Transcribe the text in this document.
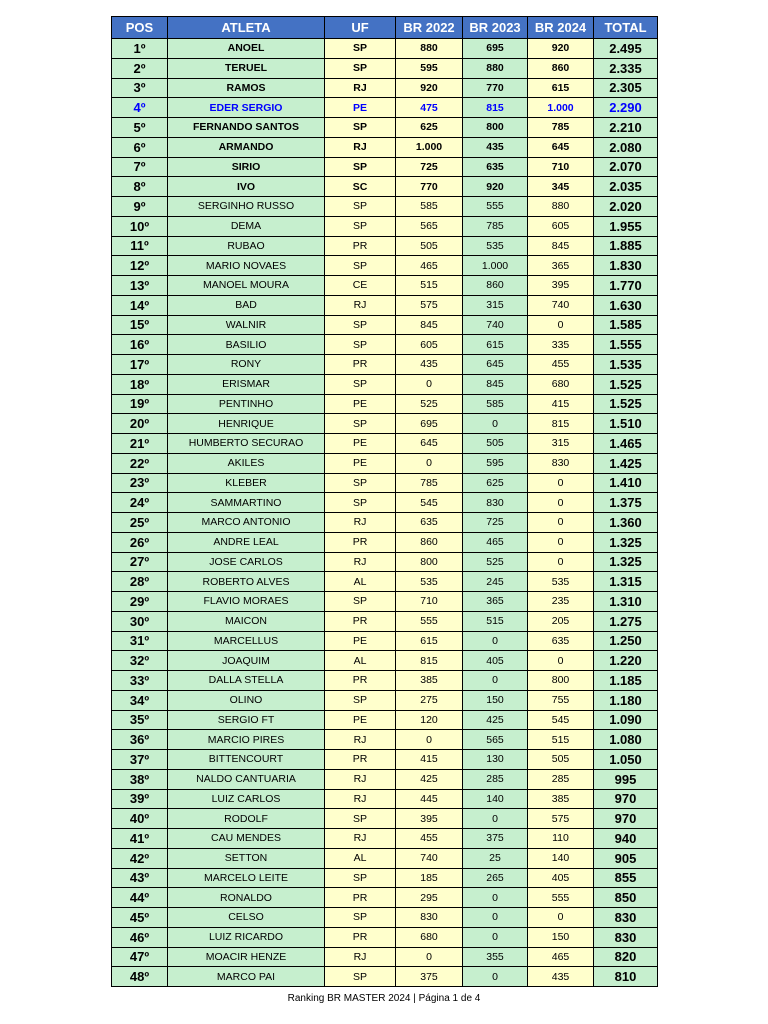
POS	ATLETA	UF	BR 2022	BR 2023	BR 2024	TOTAL
1º	ANOEL	SP	880	695	920	2.495
2º	TERUEL	SP	595	880	860	2.335
3º	RAMOS	RJ	920	770	615	2.305
4º	EDER SERGIO	PE	475	815	1.000	2.290
5º	FERNANDO SANTOS	SP	625	800	785	2.210
6º	ARMANDO	RJ	1.000	435	645	2.080
7º	SIRIO	SP	725	635	710	2.070
8º	IVO	SC	770	920	345	2.035
9º	SERGINHO RUSSO	SP	585	555	880	2.020
10º	DEMA	SP	565	785	605	1.955
11º	RUBAO	PR	505	535	845	1.885
12º	MARIO NOVAES	SP	465	1.000	365	1.830
13º	MANOEL MOURA	CE	515	860	395	1.770
14º	BAD	RJ	575	315	740	1.630
15º	WALNIR	SP	845	740	0	1.585
16º	BASILIO	SP	605	615	335	1.555
17º	RONY	PR	435	645	455	1.535
18º	ERISMAR	SP	0	845	680	1.525
19º	PENTINHO	PE	525	585	415	1.525
20º	HENRIQUE	SP	695	0	815	1.510
21º	HUMBERTO SECURAO	PE	645	505	315	1.465
22º	AKILES	PE	0	595	830	1.425
23º	KLEBER	SP	785	625	0	1.410
24º	SAMMARTINO	SP	545	830	0	1.375
25º	MARCO ANTONIO	RJ	635	725	0	1.360
26º	ANDRE LEAL	PR	860	465	0	1.325
27º	JOSE CARLOS	RJ	800	525	0	1.325
28º	ROBERTO ALVES	AL	535	245	535	1.315
29º	FLAVIO MORAES	SP	710	365	235	1.310
30º	MAICON	PR	555	515	205	1.275
31º	MARCELLUS	PE	615	0	635	1.250
32º	JOAQUIM	AL	815	405	0	1.220
33º	DALLA STELLA	PR	385	0	800	1.185
34º	OLINO	SP	275	150	755	1.180
35º	SERGIO FT	PE	120	425	545	1.090
36º	MARCIO PIRES	RJ	0	565	515	1.080
37º	BITTENCOURT	PR	415	130	505	1.050
38º	NALDO CANTUARIA	RJ	425	285	285	995
39º	LUIZ CARLOS	RJ	445	140	385	970
40º	RODOLF	SP	395	0	575	970
41º	CAU MENDES	RJ	455	375	110	940
42º	SETTON	AL	740	25	140	905
43º	MARCELO LEITE	SP	185	265	405	855
44º	RONALDO	PR	295	0	555	850
45º	CELSO	SP	830	0	0	830
46º	LUIZ RICARDO	PR	680	0	150	830
47º	MOACIR HENZE	RJ	0	355	465	820
48º	MARCO PAI	SP	375	0	435	810
Ranking BR MASTER 2024 | Página 1 de 4
